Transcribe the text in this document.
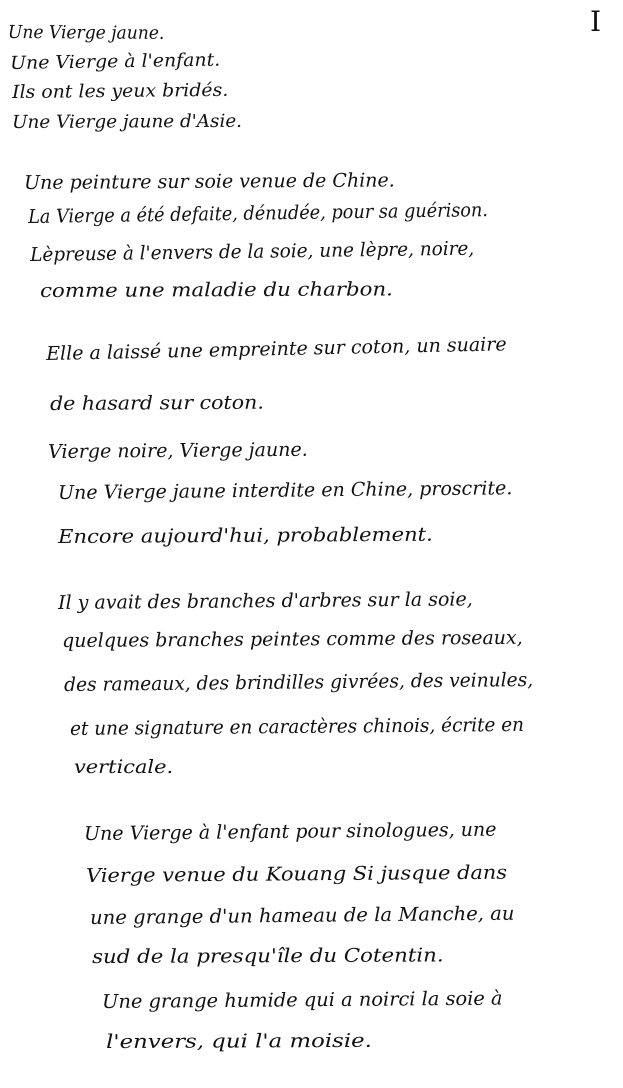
I
Une Vierge jaune.
Une Vierge à l'enfant.
Ils ont les yeux bridés.
Une Vierge jaune d'Asie.
Une peinture sur soie venue de Chine.
La Vierge a été defaite, dénudée, pour sa guérison.
Lèpreuse à l'envers de la soie, une lèpre, noire,
comme une maladie du charbon.
Elle a laissé une empreinte sur coton, un suaire
de hasard sur coton.
Vierge noire, Vierge jaune.
Une Vierge jaune interdite en Chine, proscrite.
Encore aujourd'hui, probablement.
Il y avait des branches d'arbres sur la soie,
quelques branches peintes comme des roseaux,
des rameaux, des brindilles givrées, des veinules,
et une signature en caractères chinois, écrite en
verticale.
Une Vierge à l'enfant pour sinologues, une
Vierge venue du Kouang Si jusque dans
une grange d'un hameau de la Manche, au
sud de la presqu'île du Cotentin.
Une grange humide qui a noirci la soie à
l'envers, qui l'a moisie.
